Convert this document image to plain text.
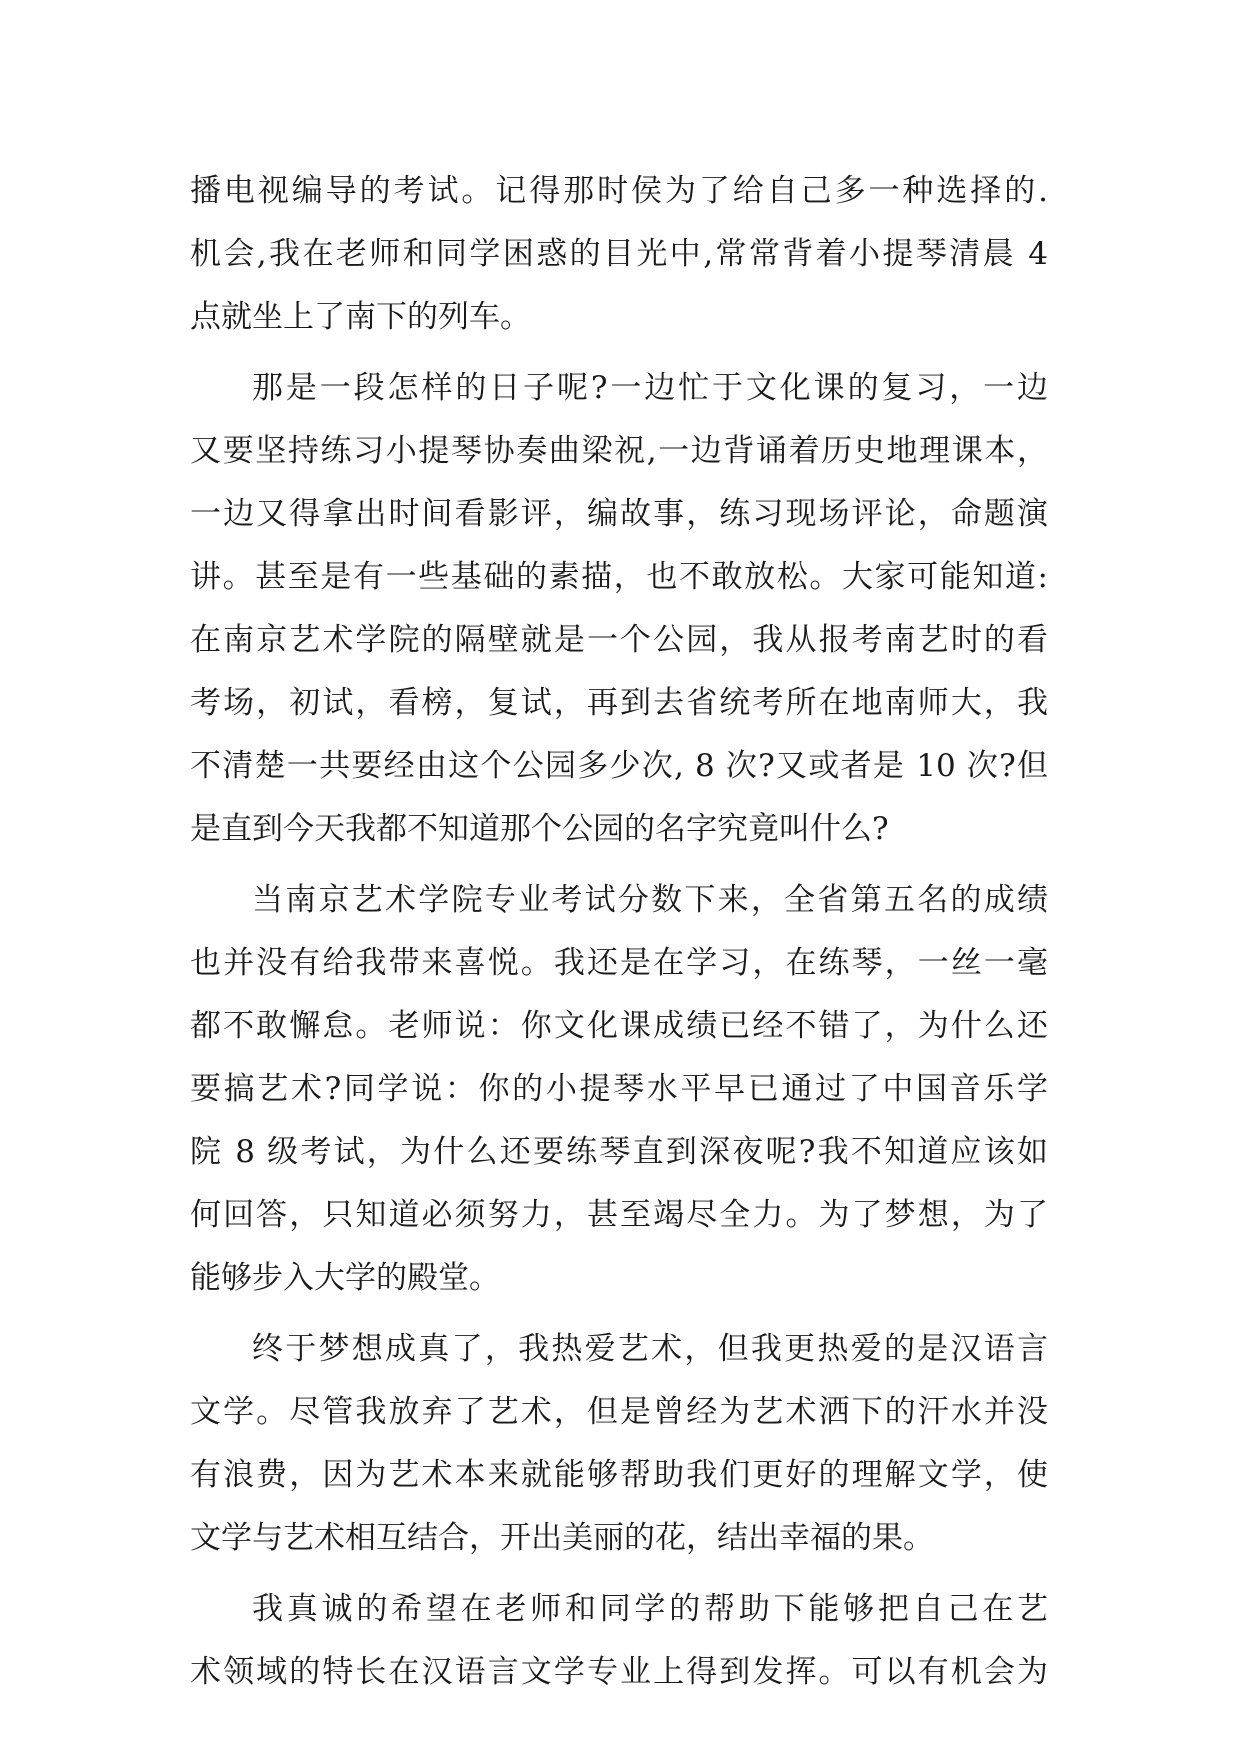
播电视编导的考试。记得那时侯为了给自己多一种选择的.
机会,我在老师和同学困惑的目光中,常常背着小提琴清晨 4
点就坐上了南下的列车。
那是一段怎样的日子呢?一边忙于文化课的复习，一边
又要坚持练习小提琴协奏曲梁祝,一边背诵着历史地理课本，
一边又得拿出时间看影评，编故事，练习现场评论，命题演
讲。甚至是有一些基础的素描，也不敢放松。大家可能知道:
在南京艺术学院的隔壁就是一个公园，我从报考南艺时的看
考场，初试，看榜，复试，再到去省统考所在地南师大，我
不清楚一共要经由这个公园多少次, 8 次?又或者是 10 次?但
是直到今天我都不知道那个公园的名字究竟叫什么?
当南京艺术学院专业考试分数下来，全省第五名的成绩
也并没有给我带来喜悦。我还是在学习，在练琴，一丝一毫
都不敢懈怠。老师说：你文化课成绩已经不错了，为什么还
要搞艺术?同学说：你的小提琴水平早已通过了中国音乐学
院 8 级考试，为什么还要练琴直到深夜呢?我不知道应该如
何回答，只知道必须努力，甚至竭尽全力。为了梦想，为了
能够步入大学的殿堂。
终于梦想成真了，我热爱艺术，但我更热爱的是汉语言
文学。尽管我放弃了艺术，但是曾经为艺术洒下的汗水并没
有浪费，因为艺术本来就能够帮助我们更好的理解文学，使
文学与艺术相互结合，开出美丽的花，结出幸福的果。
我真诚的希望在老师和同学的帮助下能够把自己在艺
术领域的特长在汉语言文学专业上得到发挥。可以有机会为
